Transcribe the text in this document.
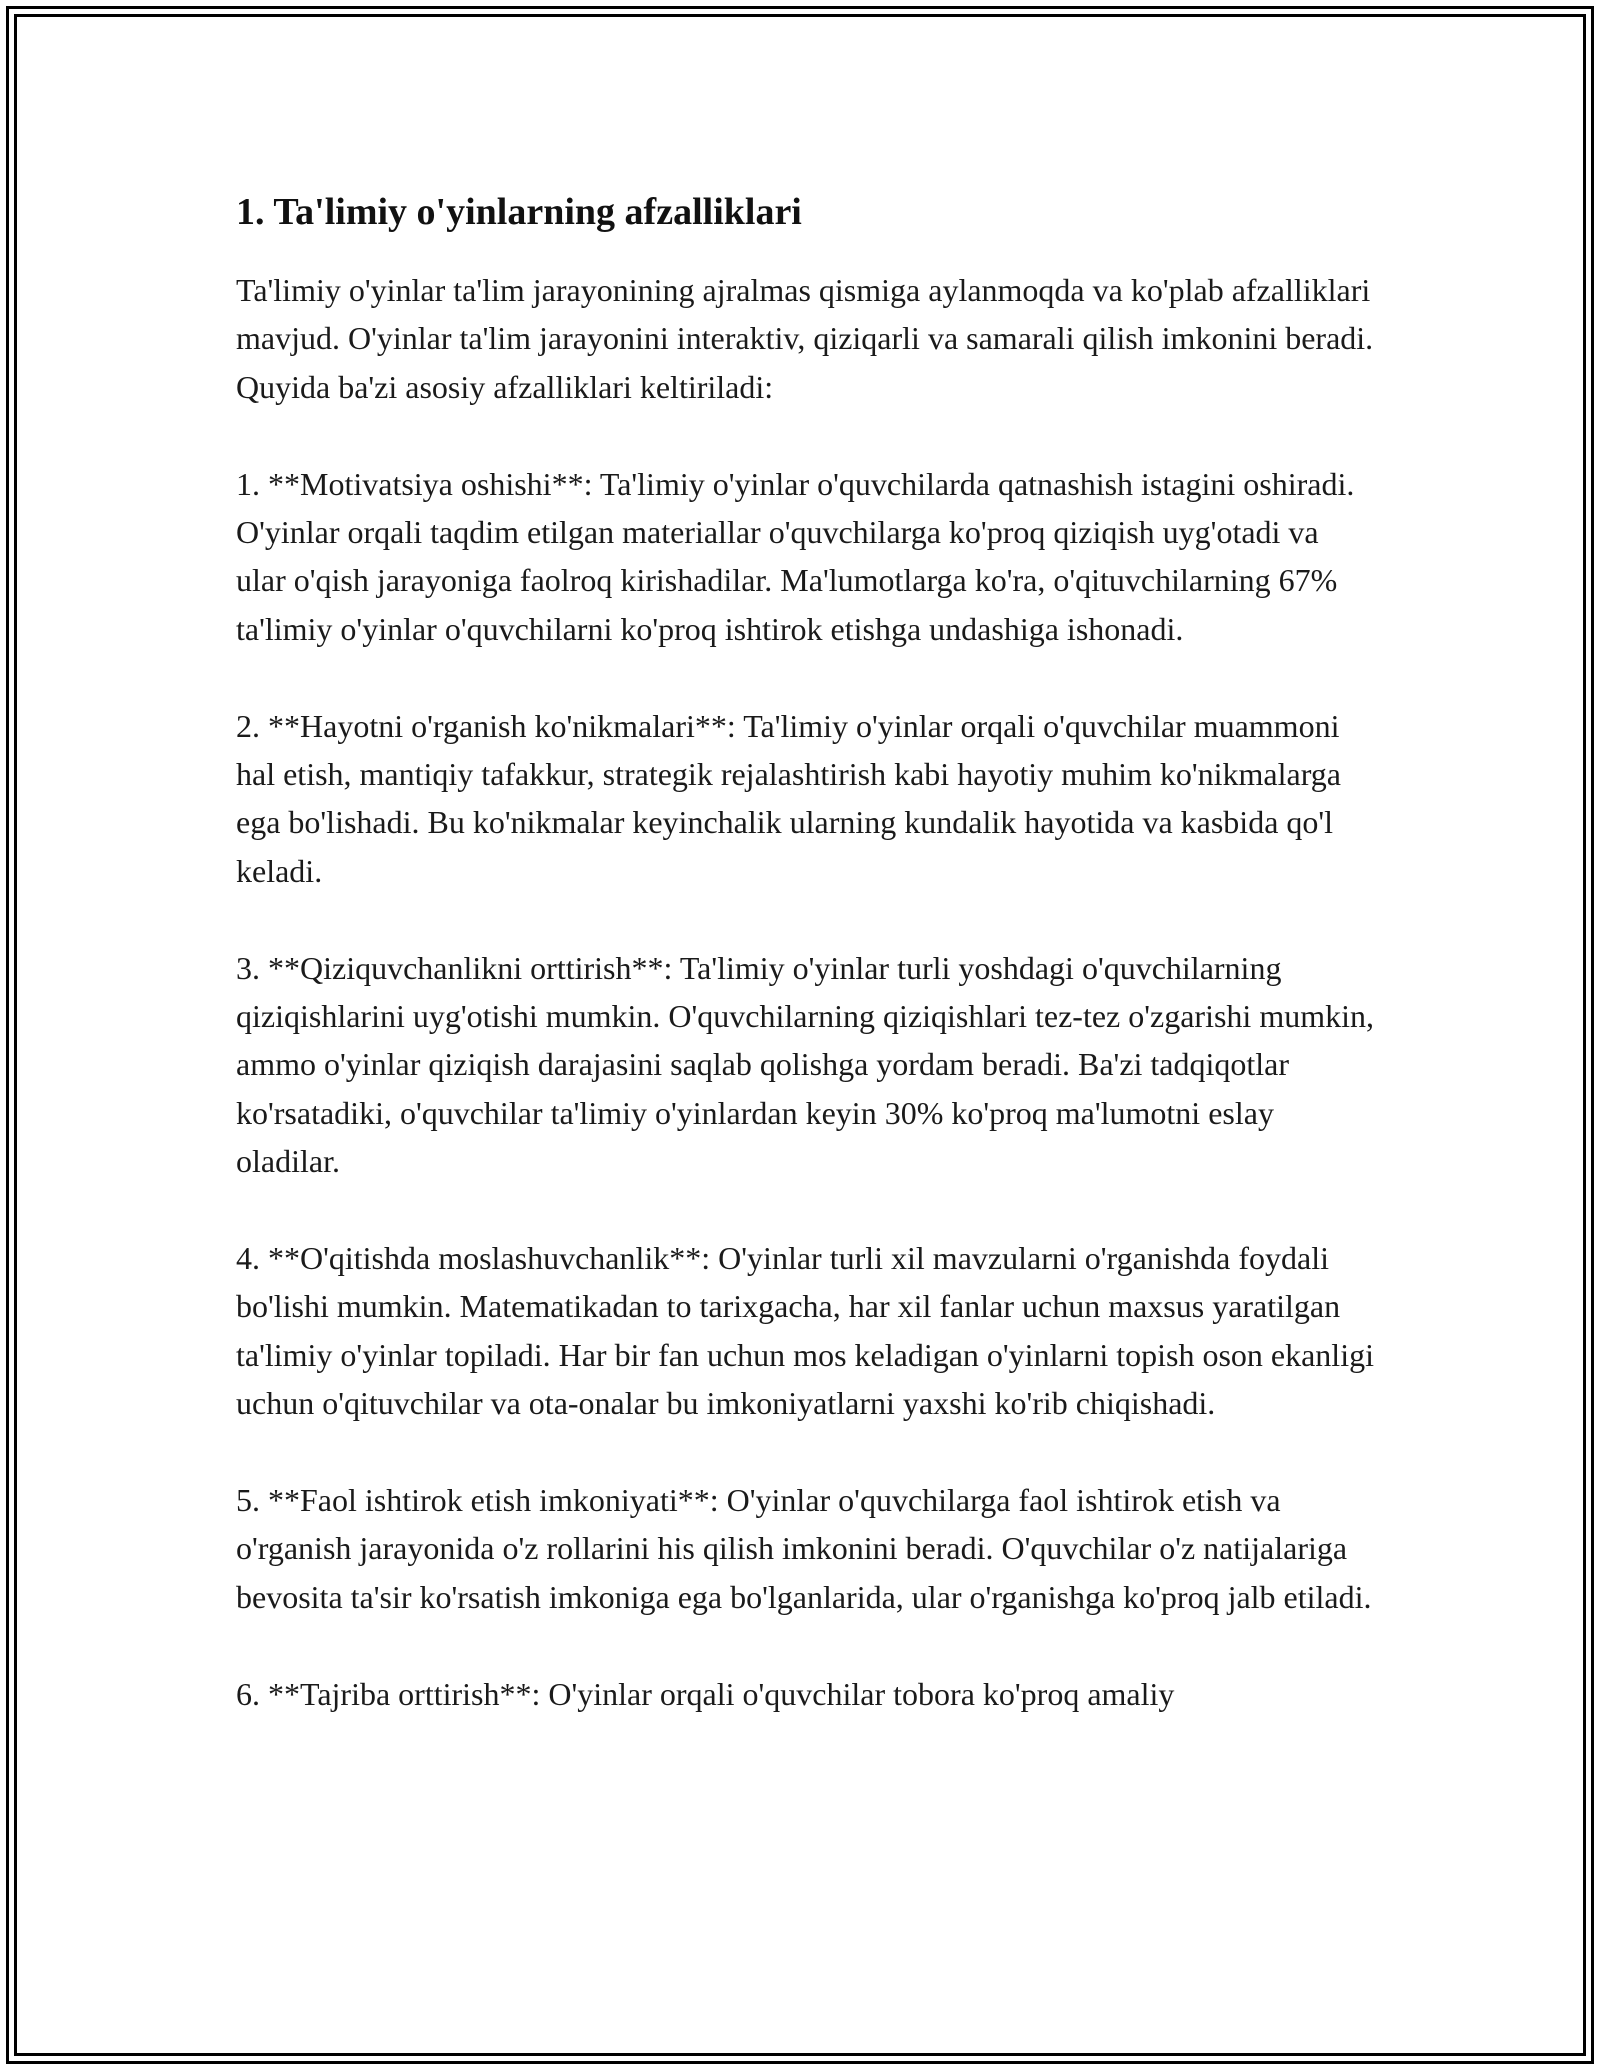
1. Ta'limiy o'yinlarning afzalliklari

Ta'limiy o'yinlar ta'lim jarayonining ajralmas qismiga aylanmoqda va ko'plab afzalliklari mavjud. O'yinlar ta'lim jarayonini interaktiv, qiziqarli va samarali qilish imkonini beradi. Quyida ba'zi asosiy afzalliklari keltiriladi:

1. **Motivatsiya oshishi**: Ta'limiy o'yinlar o'quvchilarda qatnashish istagini oshiradi. O'yinlar orqali taqdim etilgan materiallar o'quvchilarga ko'proq qiziqish uyg'otadi va ular o'qish jarayoniga faolroq kirishadilar. Ma'lumotlarga ko'ra, o'qituvchilarning 67% ta'limiy o'yinlar o'quvchilarni ko'proq ishtirok etishga undashiga ishonadi.

2. **Hayotni o'rganish ko'nikmalari**: Ta'limiy o'yinlar orqali o'quvchilar muammoni hal etish, mantiqiy tafakkur, strategik rejalashtirish kabi hayotiy muhim ko'nikmalarga ega bo'lishadi. Bu ko'nikmalar keyinchalik ularning kundalik hayotida va kasbida qo'l keladi.

3. **Qiziquvchanlikni orttirish**: Ta'limiy o'yinlar turli yoshdagi o'quvchilarning qiziqishlarini uyg'otishi mumkin. O'quvchilarning qiziqishlari tez-tez o'zgarishi mumkin, ammo o'yinlar qiziqish darajasini saqlab qolishga yordam beradi. Ba'zi tadqiqotlar ko'rsatadiki, o'quvchilar ta'limiy o'yinlardan keyin 30% ko'proq ma'lumotni eslay oladilar.

4. **O'qitishda moslashuvchanlik**: O'yinlar turli xil mavzularni o'rganishda foydali bo'lishi mumkin. Matematikadan to tarixgacha, har xil fanlar uchun maxsus yaratilgan ta'limiy o'yinlar topiladi. Har bir fan uchun mos keladigan o'yinlarni topish oson ekanligi uchun o'qituvchilar va ota-onalar bu imkoniyatlarni yaxshi ko'rib chiqishadi.

5. **Faol ishtirok etish imkoniyati**: O'yinlar o'quvchilarga faol ishtirok etish va o'rganish jarayonida o'z rollarini his qilish imkonini beradi. O'quvchilar o'z natijalariga bevosita ta'sir ko'rsatish imkoniga ega bo'lganlarida, ular o'rganishga ko'proq jalb etiladi.

6. **Tajriba orttirish**: O'yinlar orqali o'quvchilar tobora ko'proq amaliy
